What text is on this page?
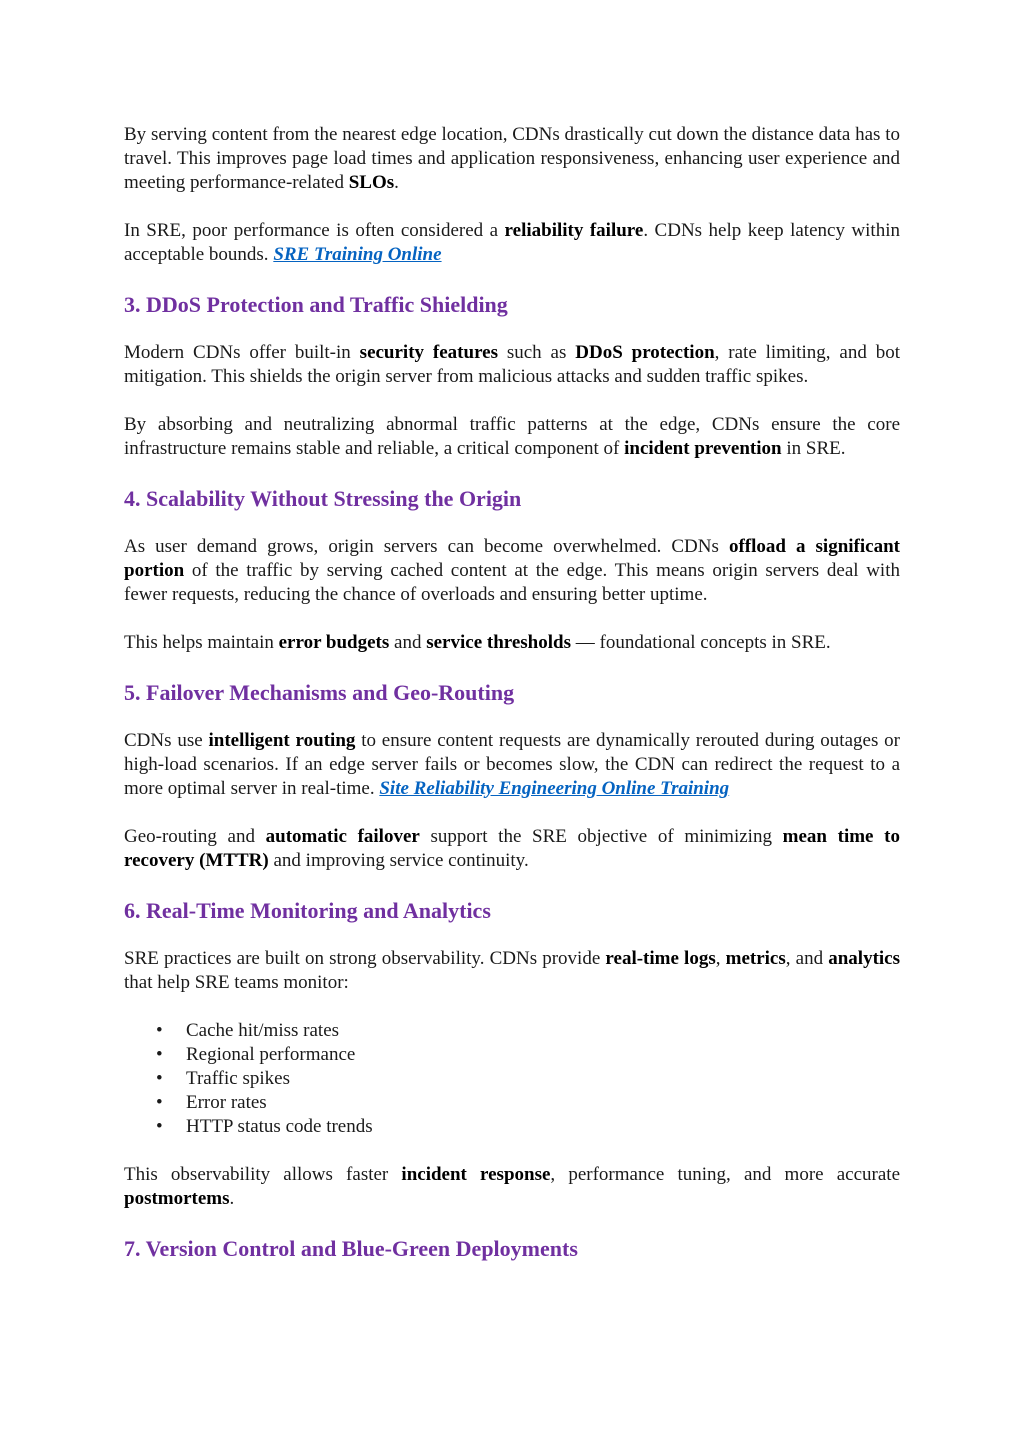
By serving content from the nearest edge location, CDNs drastically cut down the distance data has to travel. This improves page load times and application responsiveness, enhancing user experience and meeting performance-related SLOs.

In SRE, poor performance is often considered a reliability failure. CDNs help keep latency within acceptable bounds. SRE Training Online

3. DDoS Protection and Traffic Shielding

Modern CDNs offer built-in security features such as DDoS protection, rate limiting, and bot mitigation. This shields the origin server from malicious attacks and sudden traffic spikes.

By absorbing and neutralizing abnormal traffic patterns at the edge, CDNs ensure the core infrastructure remains stable and reliable, a critical component of incident prevention in SRE.

4. Scalability Without Stressing the Origin

As user demand grows, origin servers can become overwhelmed. CDNs offload a significant portion of the traffic by serving cached content at the edge. This means origin servers deal with fewer requests, reducing the chance of overloads and ensuring better uptime.

This helps maintain error budgets and service thresholds — foundational concepts in SRE.

5. Failover Mechanisms and Geo-Routing

CDNs use intelligent routing to ensure content requests are dynamically rerouted during outages or high-load scenarios. If an edge server fails or becomes slow, the CDN can redirect the request to a more optimal server in real-time. Site Reliability Engineering Online Training

Geo-routing and automatic failover support the SRE objective of minimizing mean time to recovery (MTTR) and improving service continuity.

6. Real-Time Monitoring and Analytics

SRE practices are built on strong observability. CDNs provide real-time logs, metrics, and analytics that help SRE teams monitor:

• Cache hit/miss rates
• Regional performance
• Traffic spikes
• Error rates
• HTTP status code trends

This observability allows faster incident response, performance tuning, and more accurate postmortems.

7. Version Control and Blue-Green Deployments
